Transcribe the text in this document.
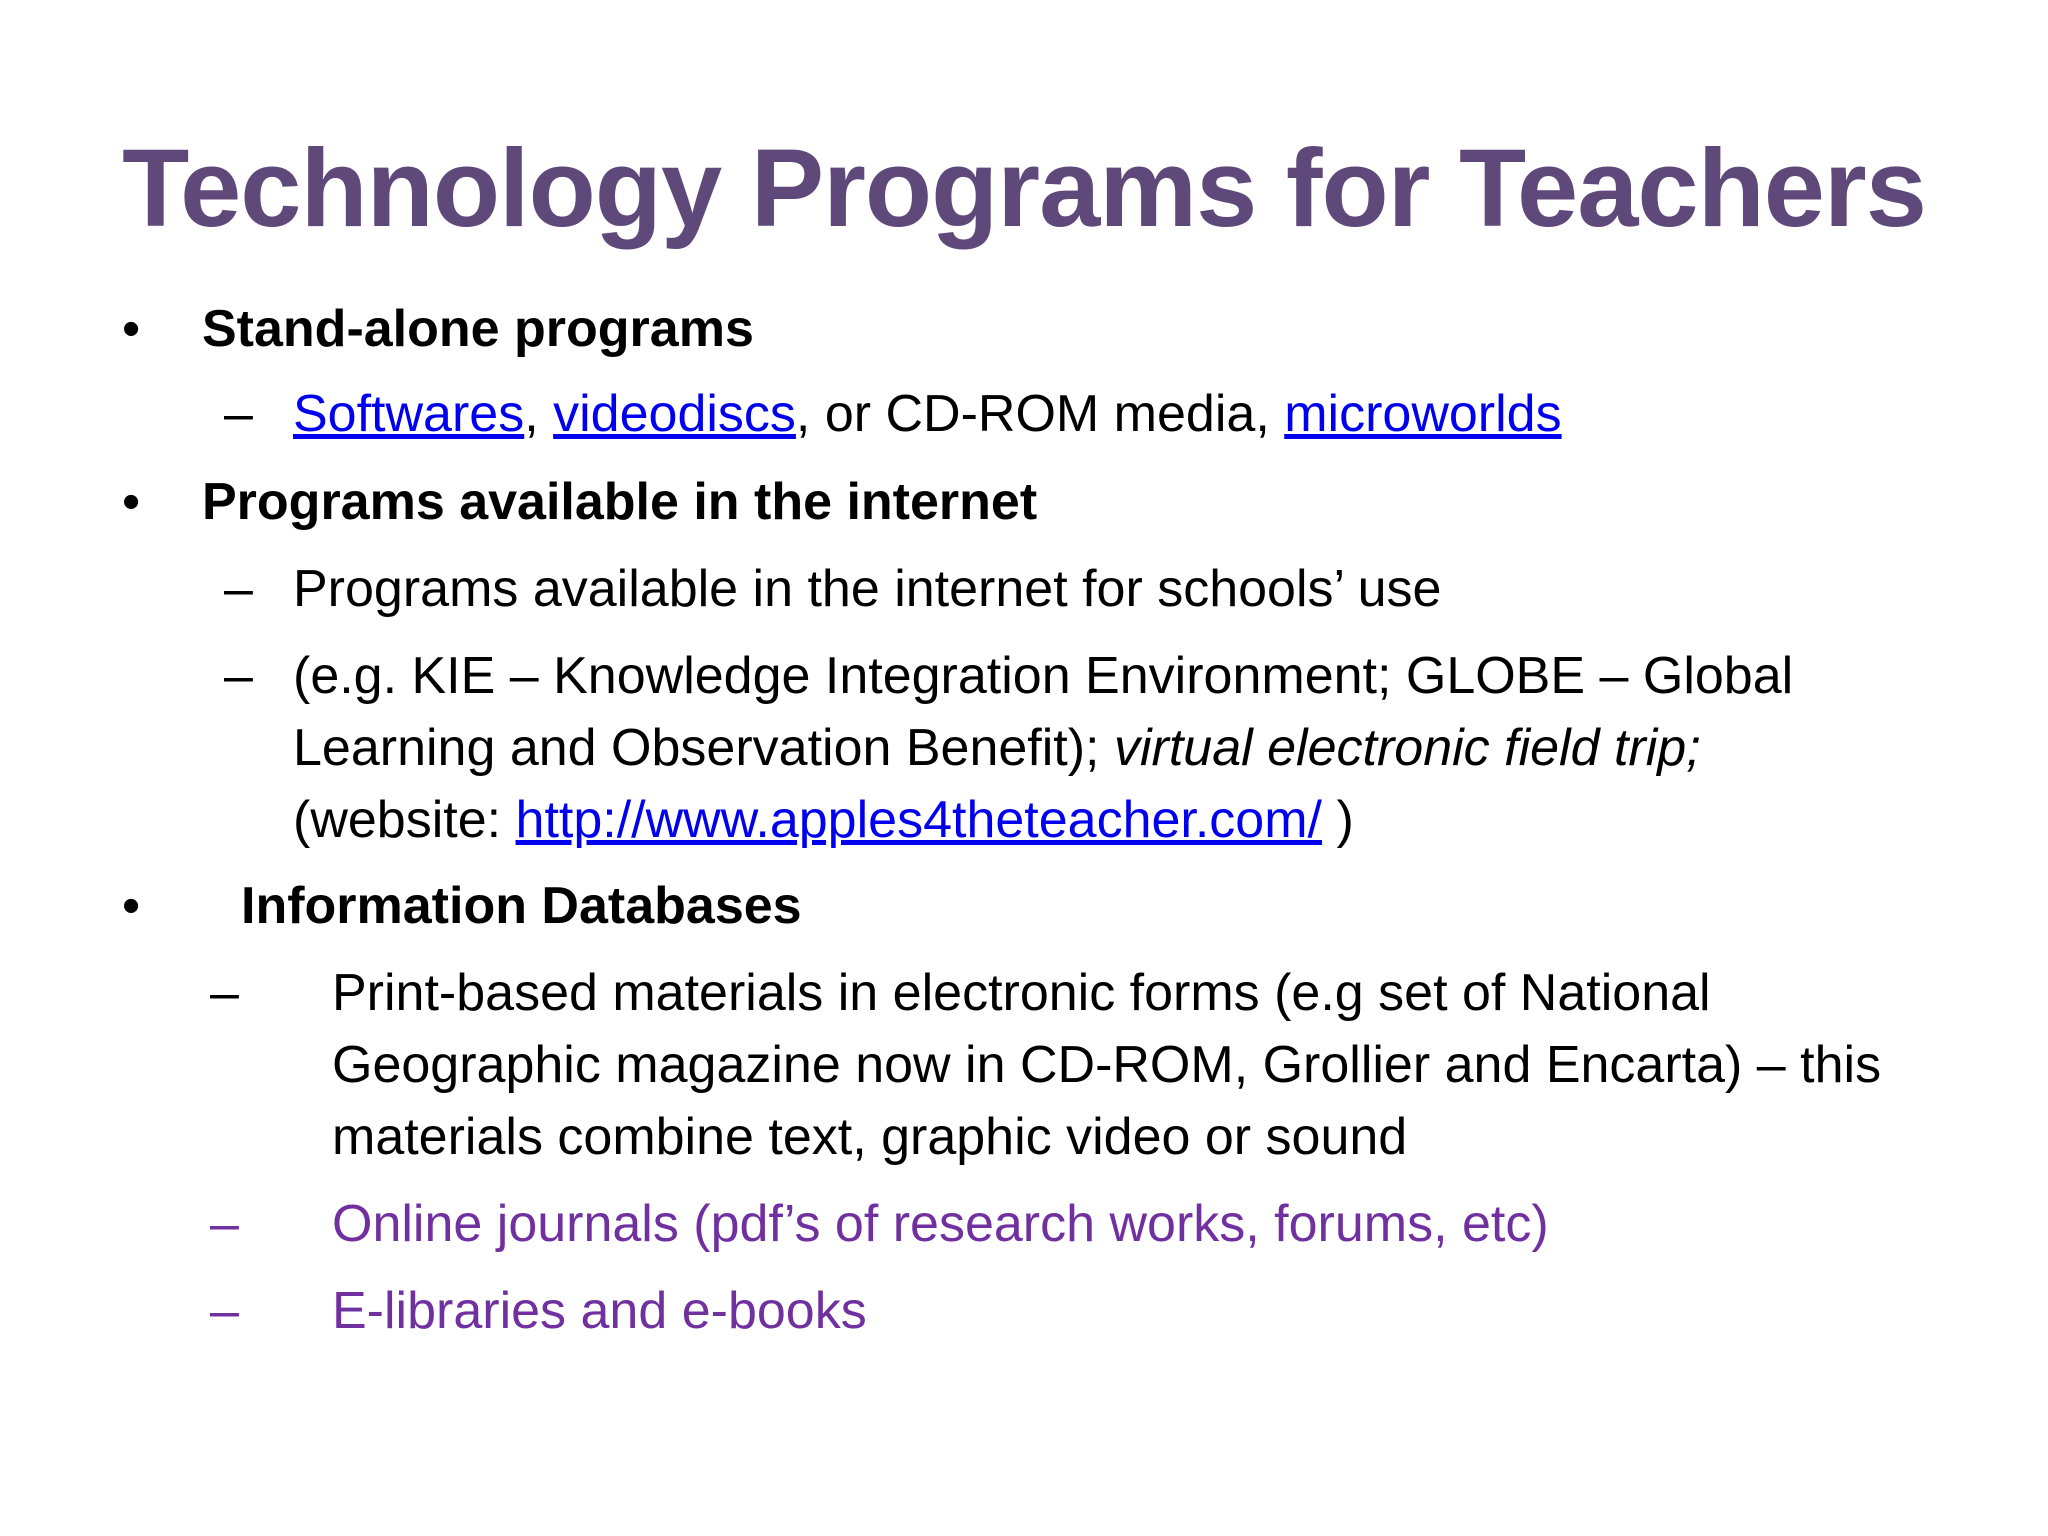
Technology Programs for Teachers
• Stand-alone programs
– Softwares, videodiscs, or CD-ROM media, microworlds
• Programs available in the internet
– Programs available in the internet for schools’ use
– (e.g. KIE – Knowledge Integration Environment; GLOBE – Global
Learning and Observation Benefit); virtual electronic field trip;
(website: http://www.apples4theteacher.com/ )
• Information Databases
– Print-based materials in electronic forms (e.g set of National
Geographic magazine now in CD-ROM, Grollier and Encarta) – this
materials combine text, graphic video or sound
– Online journals (pdf’s of research works, forums, etc)
– E-libraries and e-books
